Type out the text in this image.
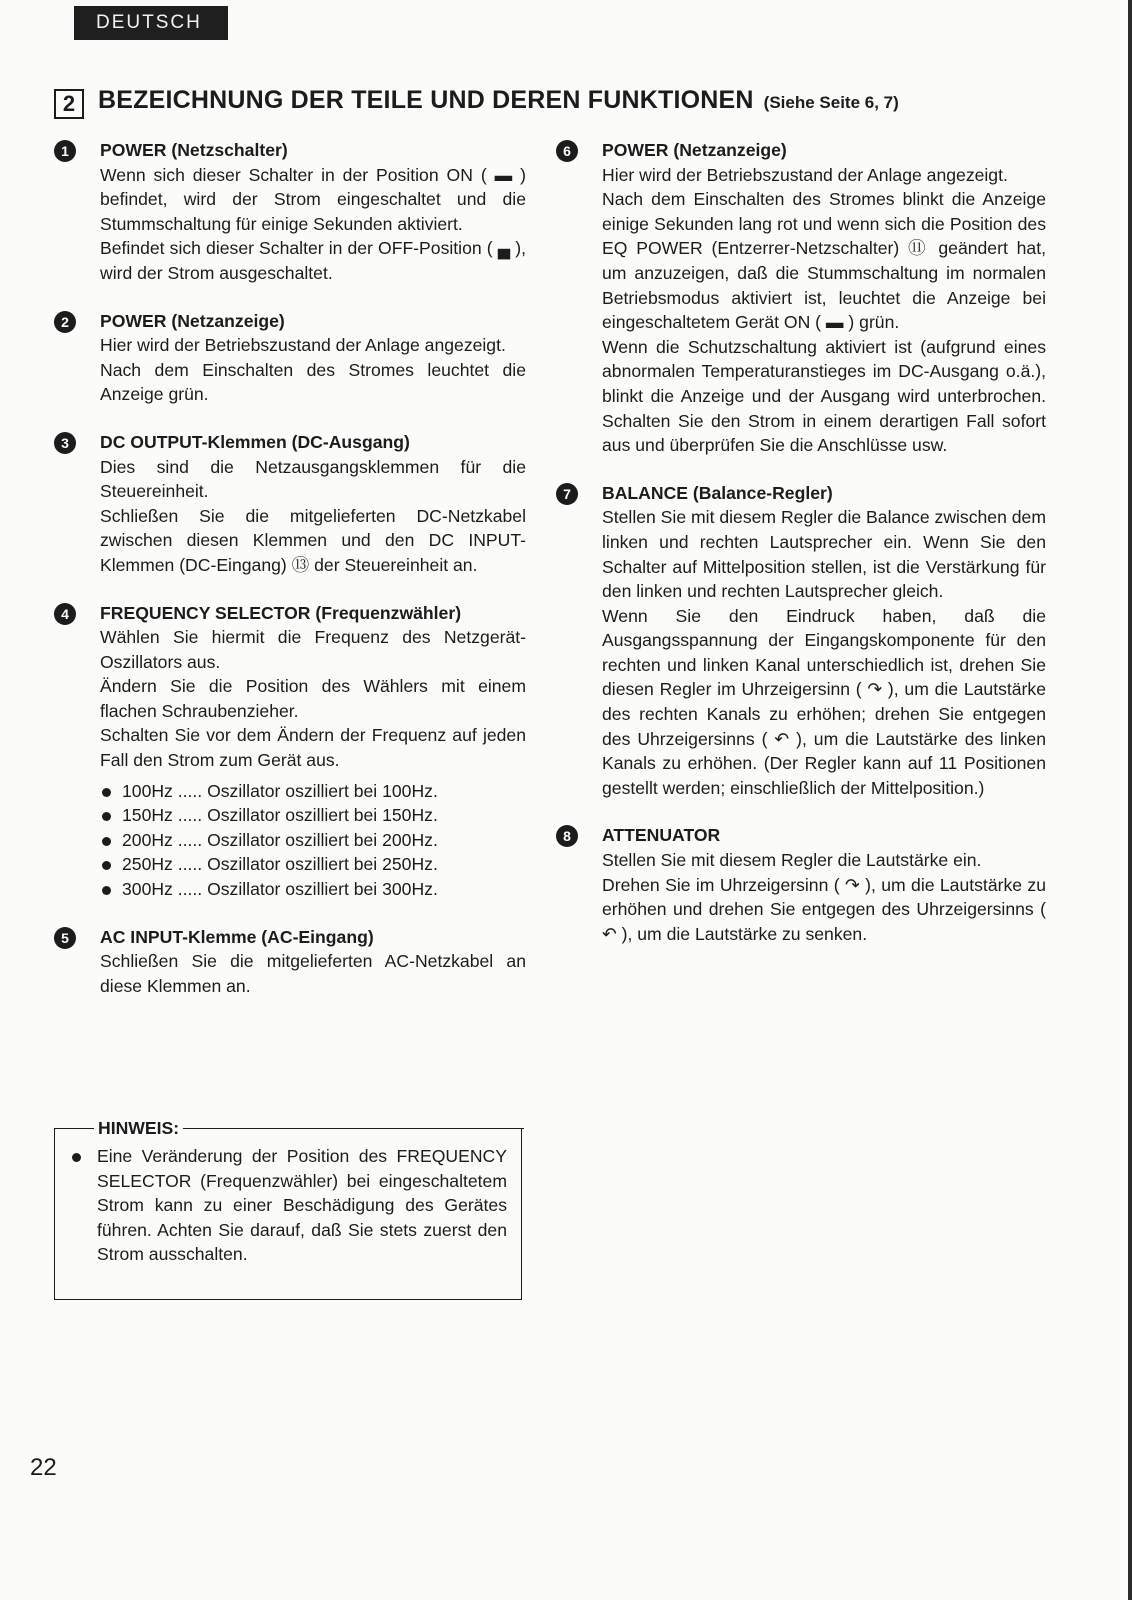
DEUTSCH
2 BEZEICHNUNG DER TEILE UND DEREN FUNKTIONEN (Siehe Seite 6, 7)
1	POWER (Netzschalter)
Wenn sich dieser Schalter in der Position ON ( ▬ ) befindet, wird der Strom eingeschaltet und die Stummschaltung für einige Sekunden aktiviert.
Befindet sich dieser Schalter in der OFF-Position ( ▄ ), wird der Strom ausgeschaltet.
2	POWER (Netzanzeige)
Hier wird der Betriebszustand der Anlage angezeigt.
Nach dem Einschalten des Stromes leuchtet die Anzeige grün.
3	DC OUTPUT-Klemmen (DC-Ausgang)
Dies sind die Netzausgangsklemmen für die Steuereinheit.
Schließen Sie die mitgelieferten DC-Netzkabel zwischen diesen Klemmen und den DC INPUT-Klemmen (DC-Eingang) ⑬ der Steuereinheit an.
4	FREQUENCY SELECTOR (Frequenzwähler)
Wählen Sie hiermit die Frequenz des Netzgerät-Oszillators aus.
Ändern Sie die Position des Wählers mit einem flachen Schraubenzieher.
Schalten Sie vor dem Ändern der Frequenz auf jeden Fall den Strom zum Gerät aus.
100Hz ..... Oszillator oszilliert bei 100Hz.
150Hz ..... Oszillator oszilliert bei 150Hz.
200Hz ..... Oszillator oszilliert bei 200Hz.
250Hz ..... Oszillator oszilliert bei 250Hz.
300Hz ..... Oszillator oszilliert bei 300Hz.
5	AC INPUT-Klemme (AC-Eingang)
Schließen Sie die mitgelieferten AC-Netzkabel an diese Klemmen an.
6	POWER (Netzanzeige)
Hier wird der Betriebszustand der Anlage angezeigt.
Nach dem Einschalten des Stromes blinkt die Anzeige einige Sekunden lang rot und wenn sich die Position des EQ POWER (Entzerrer-Netzschalter) ⑪ geändert hat, um anzuzeigen, daß die Stummschaltung im normalen Betriebsmodus aktiviert ist, leuchtet die Anzeige bei eingeschaltetem Gerät ON ( ▬ ) grün.
Wenn die Schutzschaltung aktiviert ist (aufgrund eines abnormalen Temperaturanstieges im DC-Ausgang o.ä.), blinkt die Anzeige und der Ausgang wird unterbrochen. Schalten Sie den Strom in einem derartigen Fall sofort aus und überprüfen Sie die Anschlüsse usw.
7	BALANCE (Balance-Regler)
Stellen Sie mit diesem Regler die Balance zwischen dem linken und rechten Lautsprecher ein. Wenn Sie den Schalter auf Mittelposition stellen, ist die Verstärkung für den linken und rechten Lautsprecher gleich.
Wenn Sie den Eindruck haben, daß die Ausgangsspannung der Eingangskomponente für den rechten und linken Kanal unterschiedlich ist, drehen Sie diesen Regler im Uhrzeigersinn ( ↷ ), um die Lautstärke des rechten Kanals zu erhöhen; drehen Sie entgegen des Uhrzeigersinns ( ↶ ), um die Lautstärke des linken Kanals zu erhöhen. (Der Regler kann auf 11 Positionen gestellt werden; einschließlich der Mittelposition.)
8	ATTENUATOR
Stellen Sie mit diesem Regler die Lautstärke ein.
Drehen Sie im Uhrzeigersinn ( ↷ ), um die Lautstärke zu erhöhen und drehen Sie entgegen des Uhrzeigersinns ( ↶ ), um die Lautstärke zu senken.
HINWEIS:
Eine Veränderung der Position des FREQUENCY SELECTOR (Frequenzwähler) bei eingeschaltetem Strom kann zu einer Beschädigung des Gerätes führen. Achten Sie darauf, daß Sie stets zuerst den Strom ausschalten.
22
